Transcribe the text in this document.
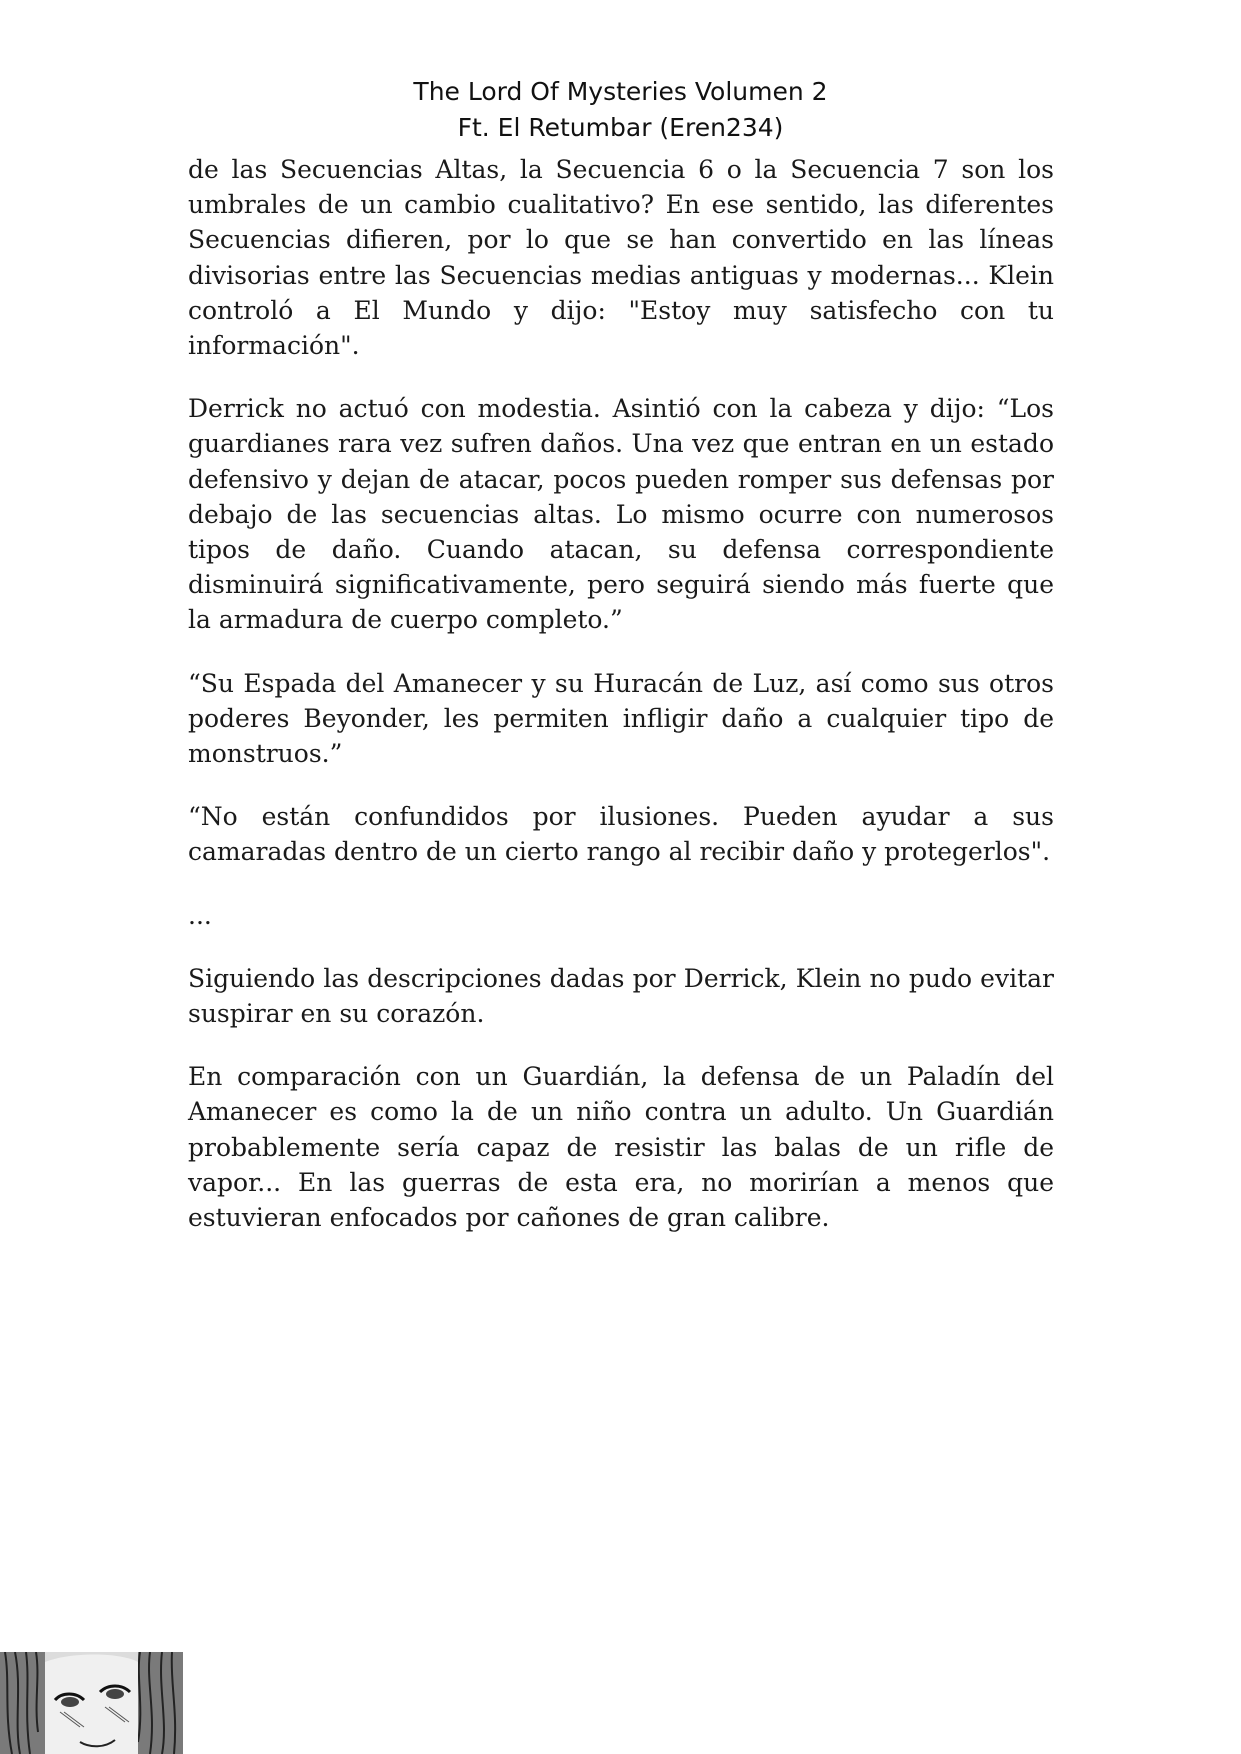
The Lord Of Mysteries Volumen 2
Ft. El Retumbar (Eren234)

de las Secuencias Altas, la Secuencia 6 o la Secuencia 7 son los umbrales de un cambio cualitativo? En ese sentido, las diferentes Secuencias difieren, por lo que se han convertido en las líneas divisorias entre las Secuencias medias antiguas y modernas... Klein controló a El Mundo y dijo: "Estoy muy satisfecho con tu información".

Derrick no actuó con modestia. Asintió con la cabeza y dijo: “Los guardianes rara vez sufren daños. Una vez que entran en un estado defensivo y dejan de atacar, pocos pueden romper sus defensas por debajo de las secuencias altas. Lo mismo ocurre con numerosos tipos de daño. Cuando atacan, su defensa correspondiente disminuirá significativamente, pero seguirá siendo más fuerte que la armadura de cuerpo completo.”

“Su Espada del Amanecer y su Huracán de Luz, así como sus otros poderes Beyonder, les permiten infligir daño a cualquier tipo de monstruos.”

“No están confundidos por ilusiones. Pueden ayudar a sus camaradas dentro de un cierto rango al recibir daño y protegerlos".

...

Siguiendo las descripciones dadas por Derrick, Klein no pudo evitar suspirar en su corazón.

En comparación con un Guardián, la defensa de un Paladín del Amanecer es como la de un niño contra un adulto. Un Guardián probablemente sería capaz de resistir las balas de un rifle de vapor... En las guerras de esta era, no morirían a menos que estuvieran enfocados por cañones de gran calibre.
